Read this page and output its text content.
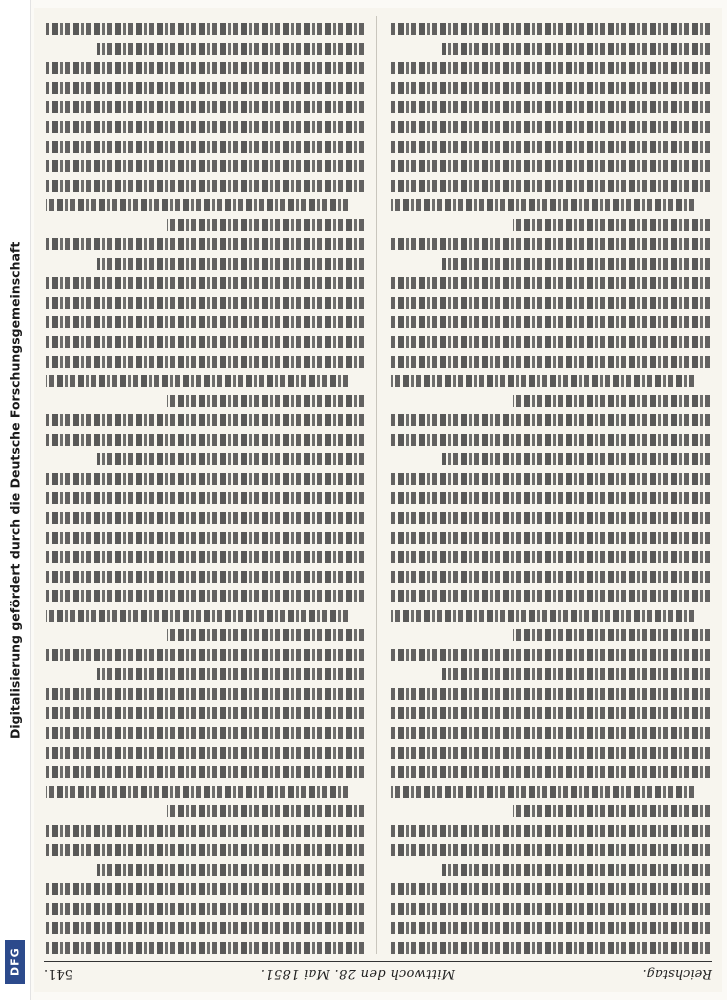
Digitalisierung gefördert durch die Deutsche Forschungsgemeinschaft
DFG	Reichstag.
Mittwoch den 28. Mai 1851.
541.
